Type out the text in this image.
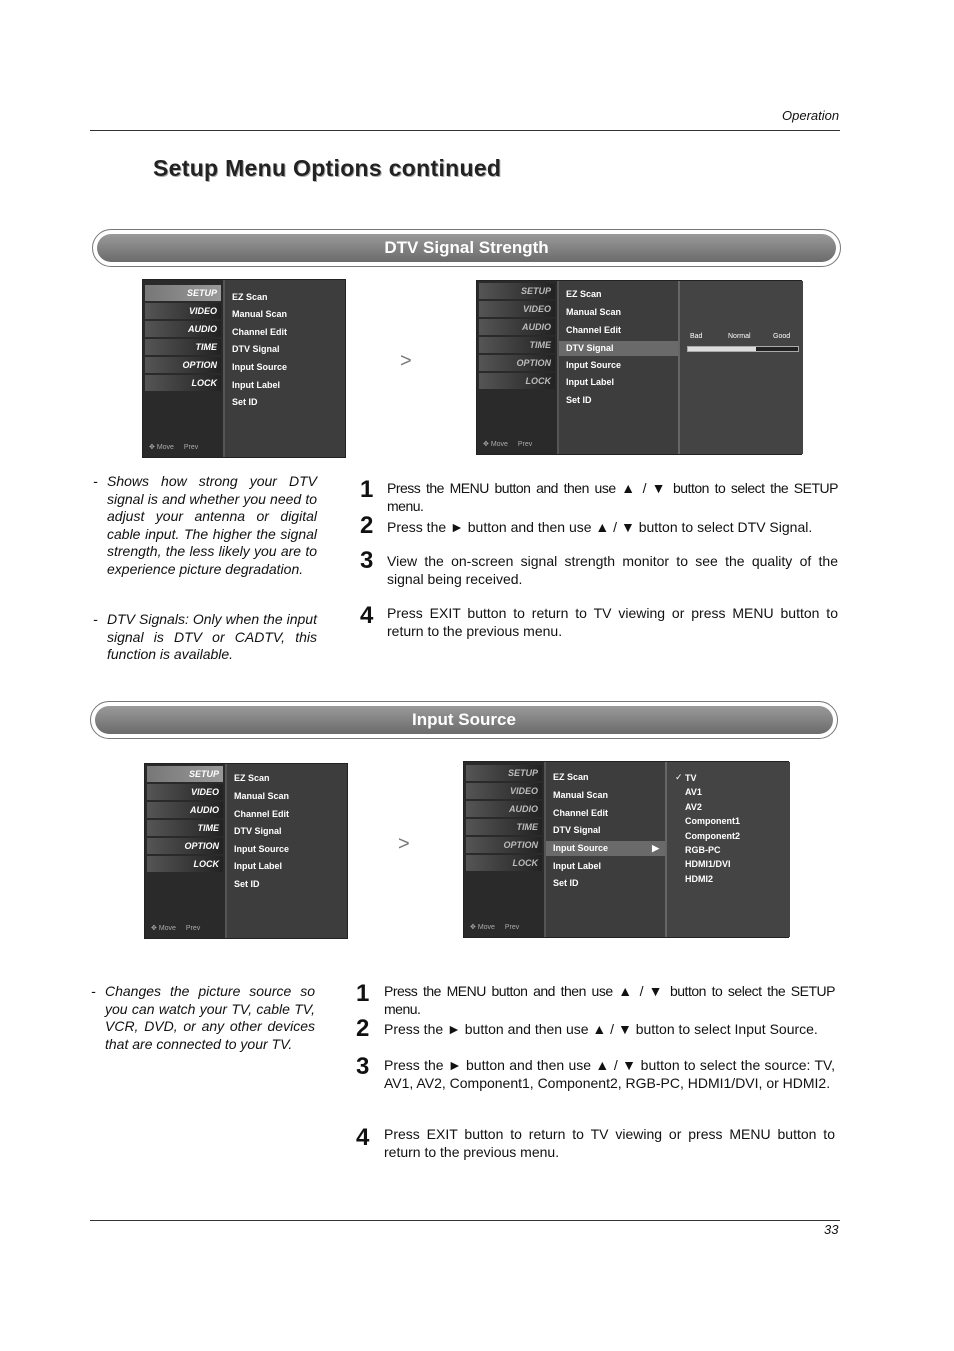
Operation
Setup Menu Options continued
DTV Signal Strength
SETUP
VIDEO
AUDIO
TIME
OPTION
LOCK
✥ Move Prev
EZ Scan
Manual Scan
Channel Edit
DTV Signal
Input Source
Input Label
Set ID
>
SETUP
VIDEO
AUDIO
TIME
OPTION
LOCK
✥ Move Prev
EZ Scan
Manual Scan
Channel Edit
DTV Signal
Input Source
Input Label
Set ID
Bad	Normal	Good
- Shows how strong your DTV signal is and whether you need to adjust your antenna or digital cable input. The higher the signal strength, the less likely you are to experience picture degradation.
- DTV Signals: Only when the input signal is DTV or CADTV, this function is available.
1 Press the MENU button and then use ▲ / ▼ button to select the SETUP menu.
2 Press the ► button and then use ▲ / ▼ button to select DTV Signal.
3 View the on-screen signal strength monitor to see the quality of the signal being received.
4 Press EXIT button to return to TV viewing or press MENU button to return to the previous menu.
Input Source
SETUP
VIDEO
AUDIO
TIME
OPTION
LOCK
✥ Move Prev
EZ Scan
Manual Scan
Channel Edit
DTV Signal
Input Source
Input Label
Set ID
>
SETUP
VIDEO
AUDIO
TIME
OPTION
LOCK
✥ Move Prev
EZ Scan
Manual Scan
Channel Edit
DTV Signal
Input Source	▶
Input Label
Set ID
✓ TV
AV1
AV2
Component1
Component2
RGB-PC
HDMI1/DVI
HDMI2
- Changes the picture source so you can watch your TV, cable TV, VCR, DVD, or any other devices that are connected to your TV.
1 Press the MENU button and then use ▲ / ▼ button to select the SETUP menu.
2 Press the ► button and then use ▲ / ▼ button to select Input Source.
3 Press the ► button and then use ▲ / ▼ button to select the source: TV, AV1, AV2, Component1, Component2, RGB-PC, HDMI1/DVI, or HDMI2.
4 Press EXIT button to return to TV viewing or press MENU button to return to the previous menu.
33
